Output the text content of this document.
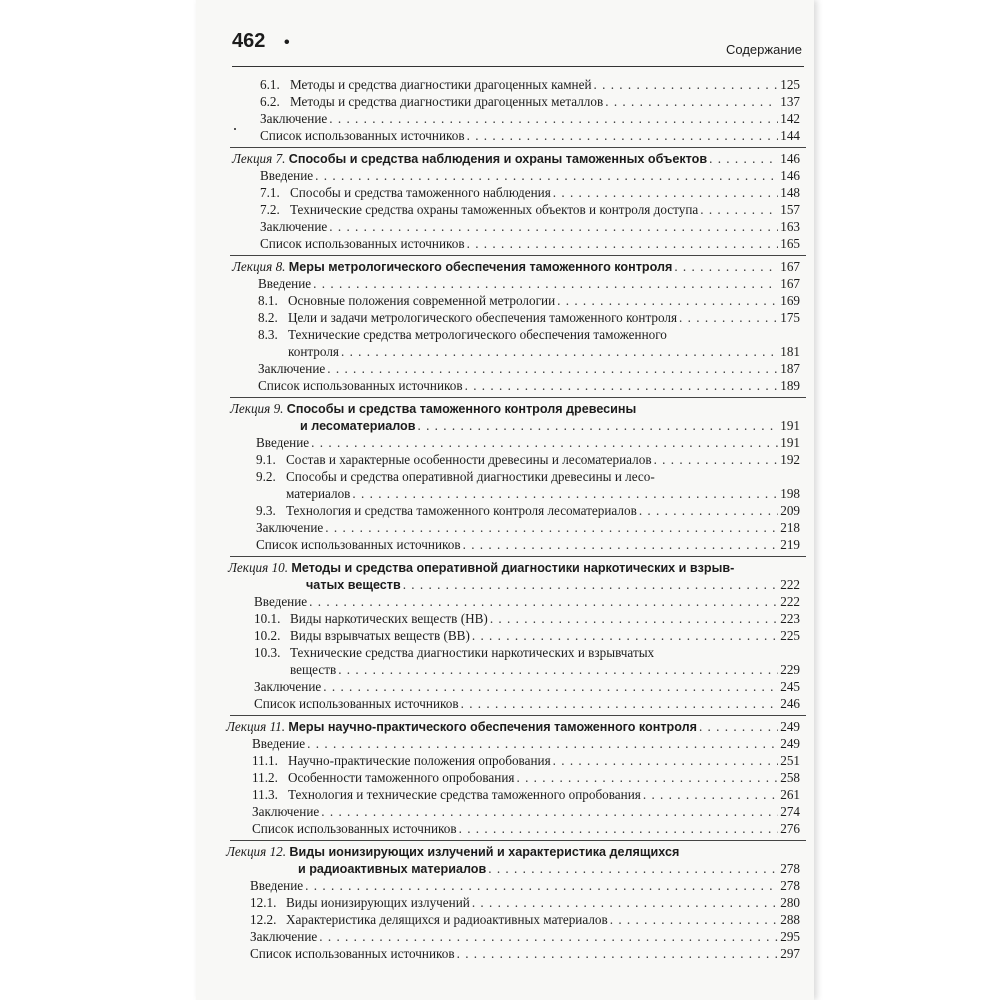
462 •	Содержание
6.1. Методы и средства диагностики драгоценных камней . . .	125
6.2. Методы и средства диагностики драгоценных металлов . . .	137
Заключение . . .	142
Список использованных источников . . .	144
Лекция 7. Способы и средства наблюдения и охраны таможенных объектов . . .	146
Введение . . .	146
7.1. Способы и средства таможенного наблюдения . . .	148
7.2. Технические средства охраны таможенных объектов и контроля доступа . . .	157
Заключение . . .	163
Список использованных источников . . .	165
Лекция 8. Меры метрологического обеспечения таможенного контроля . . .	167
Введение . . .	167
8.1. Основные положения современной метрологии . . .	169
8.2. Цели и задачи метрологического обеспечения таможенного контроля . . .	175
8.3. Технические средства метрологического обеспечения таможенного
контроля . . .	181
Заключение . . .	187
Список использованных источников . . .	189
Лекция 9. Способы и средства таможенного контроля древесины
и лесоматериалов . . .	191
Введение . . .	191
9.1. Состав и характерные особенности древесины и лесоматериалов . . .	192
9.2. Способы и средства оперативной диагностики древесины и лесо-
материалов . . .	198
9.3. Технология и средства таможенного контроля лесоматериалов . . .	209
Заключение . . .	218
Список использованных источников . . .	219
Лекция 10. Методы и средства оперативной диагностики наркотических и взрыв-
чатых веществ . . .	222
Введение . . .	222
10.1. Виды наркотических веществ (НВ) . . .	223
10.2. Виды взрывчатых веществ (ВВ) . . .	225
10.3. Технические средства диагностики наркотических и взрывчатых
веществ . . .	229
Заключение . . .	245
Список использованных источников . . .	246
Лекция 11. Меры научно-практического обеспечения таможенного контроля . . .	249
Введение . . .	249
11.1. Научно-практические положения опробования . . .	251
11.2. Особенности таможенного опробования . . .	258
11.3. Технология и технические средства таможенного опробования . . .	261
Заключение . . .	274
Список использованных источников . . .	276
Лекция 12. Виды ионизирующих излучений и характеристика делящихся
и радиоактивных материалов . . .	278
Введение . . .	278
12.1. Виды ионизирующих излучений . . .	280
12.2. Характеристика делящихся и радиоактивных материалов . . .	288
Заключение . . .	295
Список использованных источников . . .	297
